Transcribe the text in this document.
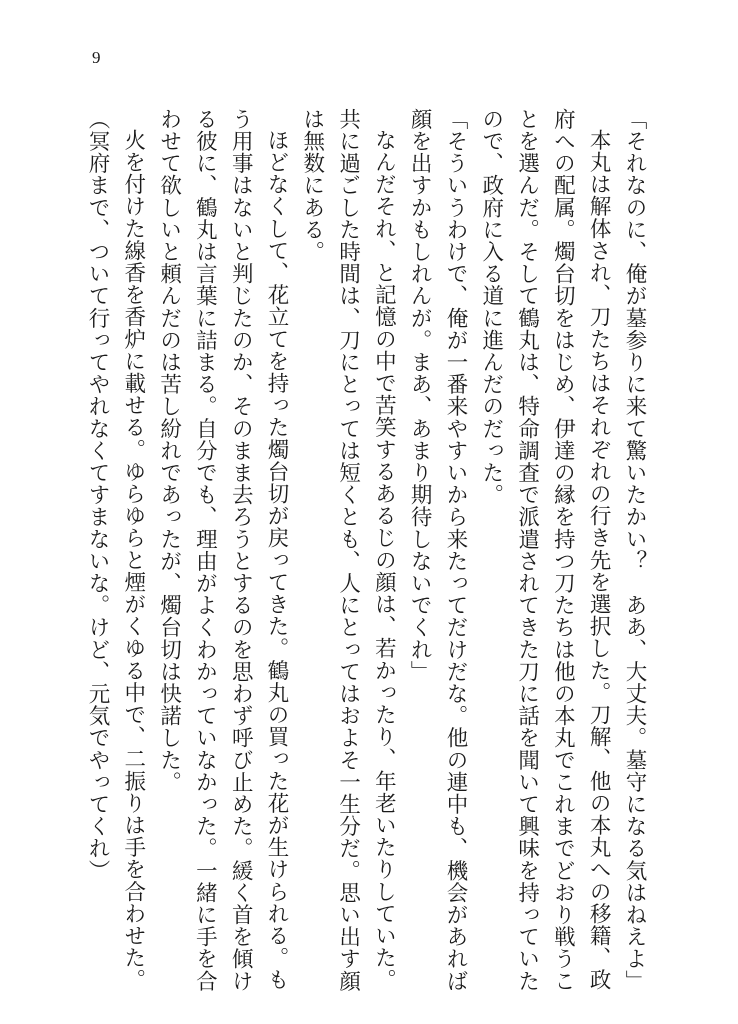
9

「それなのに、俺が墓参りに来て驚いたかい？　ああ、大丈夫。墓守になる気はねえよ」

本丸は解体され、刀たちはそれぞれの行き先を選択した。刀解、他の本丸への移籍、政

府への配属。燭台切をはじめ、伊達の縁を持つ刀たちは他の本丸でこれまでどおり戦うこ

とを選んだ。そして鶴丸は、特命調査で派遣されてきた刀に話を聞いて興味を持っていた

ので、政府に入る道に進んだのだった。

「そういうわけで、俺が一番来やすいから来たってだけだな。他の連中も、機会があれば

顔を出すかもしれんが。まあ、あまり期待しないでくれ」

なんだそれ、と記憶の中で苦笑するあるじの顔は、若かったり、年老いたりしていた。

共に過ごした時間は、刀にとっては短くとも、人にとってはおよそ一生分だ。思い出す顔

は無数にある。

ほどなくして、花立てを持った燭台切が戻ってきた。鶴丸の買った花が生けられる。も

う用事はないと判じたのか、そのまま去ろうとするのを思わず呼び止めた。緩く首を傾け

る彼に、鶴丸は言葉に詰まる。自分でも、理由がよくわかっていなかった。一緒に手を合

わせて欲しいと頼んだのは苦し紛れであったが、燭台切は快諾した。

火を付けた線香を香炉に載せる。ゆらゆらと煙がくゆる中で、二振りは手を合わせた。

（冥府まで、ついて行ってやれなくてすまないな。けど、元気でやってくれ）
